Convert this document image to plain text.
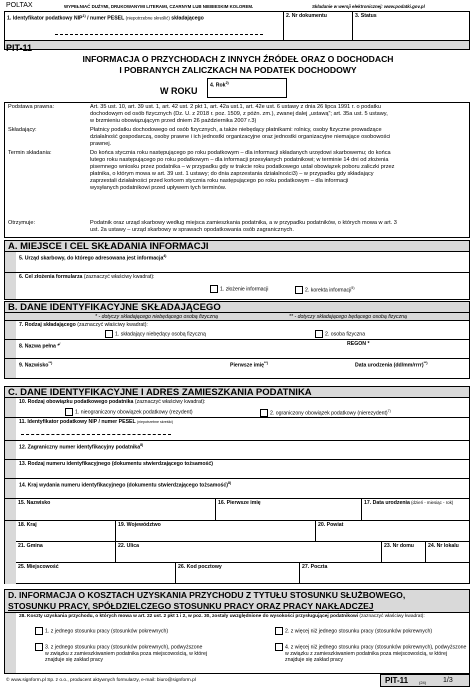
POLTAX	WYPEŁNIAĆ DUŻYMI, DRUKOWANYMI LITERAMI, CZARNYM LUB NIEBIESKIM KOLOREM.	Składanie w wersji elektronicznej: www.podatki.gov.pl
1. Identyfikator podatkowy NIP$^{1)}$ / numer PESEL (niepotrzebne skreślić) składającego	2. Nr dokumentu	3. Status
PIT-11
INFORMACJA O PRZYCHODACH Z INNYCH ŹRÓDEŁ ORAZ O DOCHODACH
I POBRANYCH ZALICZKACH NA PODATEK DOCHODOWY
W ROKU
4. Rok$^{2)}$
Podstawa prawna:	Art. 35 ust. 10, art. 39 ust. 1, art. 42 ust. 2 pkt 1, art. 42a ust.1, art. 42e ust. 6 ustawy z dnia 26 lipca 1991 r. o podatku
dochodowym od osób fizycznych (Dz. U. z 2018 r. poz. 1509, z późn. zm.), zwanej dalej „ustawą”; art. 35a ust. 5 ustawy,
w brzmieniu obowiązującym przed dniem 26 października 2007 r.3)
Składający:	Płatnicy podatku dochodowego od osób fizycznych, a także niebędący płatnikami: rolnicy, osoby fizyczne prowadzące
działalność gospodarczą, osoby prawne i ich jednostki organizacyjne oraz jednostki organizacyjne niemające osobowości
prawnej.
Termin składania:	Do końca stycznia roku następującego po roku podatkowym – dla informacji składanych urzędowi skarbowemu; do końca
lutego roku następującego po roku podatkowym – dla informacji przesyłanych podatnikowi; w terminie 14 dni od złożenia
pisemnego wniosku przez podatnika – w przypadku gdy w trakcie roku podatkowego ustał obowiązek poboru zaliczki przez
płatnika, o którym mowa w art. 39 ust. 1 ustawy; do dnia zaprzestania działalności3) – w przypadku gdy składający
zaprzestali działalności przed końcem stycznia roku następującego po roku podatkowym – dla informacji
wysyłanych podatnikowi przed upływem tych terminów.
Otrzymuje:	Podatnik oraz urząd skarbowy według miejsca zamieszkania podatnika, a w przypadku podatników, o których mowa w art. 3
ust. 2a ustawy – urząd skarbowy w sprawach opodatkowania osób zagranicznych.
A. MIEJSCE I CEL SKŁADANIA INFORMACJI
5. Urząd skarbowy, do którego adresowana jest informacja$^{4)}$
6. Cel złożenia formularza (zaznaczyć właściwy kwadrat):
1. złożenie informacji	2. korekta informacji$^{5)}$
B. DANE IDENTYFIKACYJNE SKŁADAJĄCEGO
* - dotyczy składającego niebędącego osobą fizyczną	** - dotyczy składającego będącego osobą fizyczną
7. Rodzaj składającego (zaznaczyć właściwy kwadrat):
1. składający niebędący osobą fizyczną	2. osoba fizyczna
8. Nazwa pełna */	REGON *
9. Nazwisko**)	Pierwsze imię**)	Data urodzenia (dd/mm/rrrr)**)
C. DANE IDENTYFIKACYJNE I ADRES ZAMIESZKANIA PODATNIKA
10. Rodzaj obowiązku podatkowego podatnika (zaznaczyć właściwy kwadrat):
1. nieograniczony obowiązek podatkowy (rezydent)	2. ograniczony obowiązek podatkowy (nierezydent)$^{7)}$
11. Identyfikator podatkowy NIP / numer PESEL (niepotrzebne skreślić)
12. Zagraniczny numer identyfikacyjny podatnika$^{8)}$
13. Rodzaj numeru identyfikacyjnego (dokumentu stwierdzającego tożsamość)
14. Kraj wydania numeru identyfikacyjnego (dokumentu stwierdzającego tożsamość)$^{8)}$
15. Nazwisko	16. Pierwsze imię	17. Data urodzenia (dzień - miesiąc - rok)
18. Kraj	19. Województwo	20. Powiat
21. Gmina	22. Ulica	23. Nr domu	24. Nr lokalu
25. Miejscowość	26. Kod pocztowy	27. Poczta
D. INFORMACJA O KOSZTACH UZYSKANIA PRZYCHODU Z TYTUŁU STOSUNKU SŁUŻBOWEGO,
STOSUNKU PRACY, SPÓŁDZIELCZEGO STOSUNKU PRACY ORAZ PRACY NAKŁADCZEJ
28. Koszty uzyskania przychodu, o których mowa w art. 22 ust. 2 pkt 1 i 2, w poz. 30, zostały uwzględnione do wysokości przysługującej podatnikowi (zaznaczyć właściwy kwadrat):
1. z jednego stosunku pracy (stosunków pokrewnych)	2. z więcej niż jednego stosunku pracy (stosunków pokrewnych)
3. z jednego stosunku pracy (stosunków pokrewnych), podwyższone
w związku z zamieszkiwaniem podatnika poza miejscowością, w której
znajduje się zakład pracy
4. z więcej niż jednego stosunku pracy (stosunków pokrewnych), podwyższone
w związku z zamieszkiwaniem podatnika poza miejscowością, w której
znajduje się zakład pracy
© www.signform.pl Sp. z o.o., producent aktywnych formularzy, e-mail: biuro@signform.pl	PIT-11	(24) 1/3
